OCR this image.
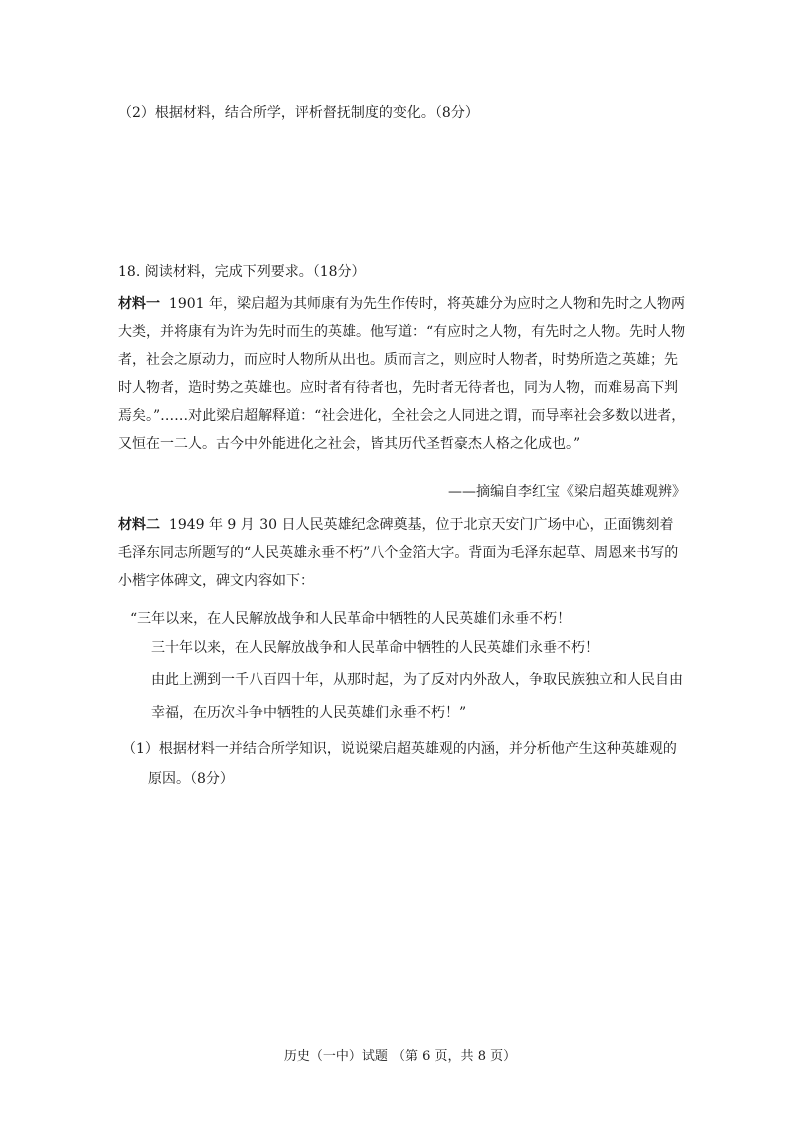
（2）根据材料，结合所学，评析督抚制度的变化。（8分）
18. 阅读材料，完成下列要求。（18分）
材料一 1901 年，梁启超为其师康有为先生作传时，将英雄分为应时之人物和先时之人物两大类，并将康有为许为先时而生的英雄。他写道：“有应时之人物，有先时之人物。先时人物者，社会之原动力，而应时人物所从出也。质而言之，则应时人物者，时势所造之英雄；先时人物者，造时势之英雄也。应时者有待者也，先时者无待者也，同为人物，而难易高下判焉矣。”……对此梁启超解释道：“社会进化，全社会之人同进之谓，而导率社会多数以进者，又恒在一二人。古今中外能进化之社会，皆其历代圣哲豪杰人格之化成也。”
——摘编自李红宝《梁启超英雄观辨》
材料二 1949 年 9 月 30 日人民英雄纪念碑奠基，位于北京天安门广场中心，正面镌刻着毛泽东同志所题写的“人民英雄永垂不朽”八个金箔大字。背面为毛泽东起草、周恩来书写的小楷字体碑文，碑文内容如下：
“三年以来，在人民解放战争和人民革命中牺牲的人民英雄们永垂不朽！
三十年以来，在人民解放战争和人民革命中牺牲的人民英雄们永垂不朽！
由此上溯到一千八百四十年，从那时起，为了反对内外敌人，争取民族独立和人民自由
幸福，在历次斗争中牺牲的人民英雄们永垂不朽！”
（1）根据材料一并结合所学知识，说说梁启超英雄观的内涵，并分析他产生这种英雄观的
原因。（8分）
历史（一中）试题 （第 6 页，共 8 页）
